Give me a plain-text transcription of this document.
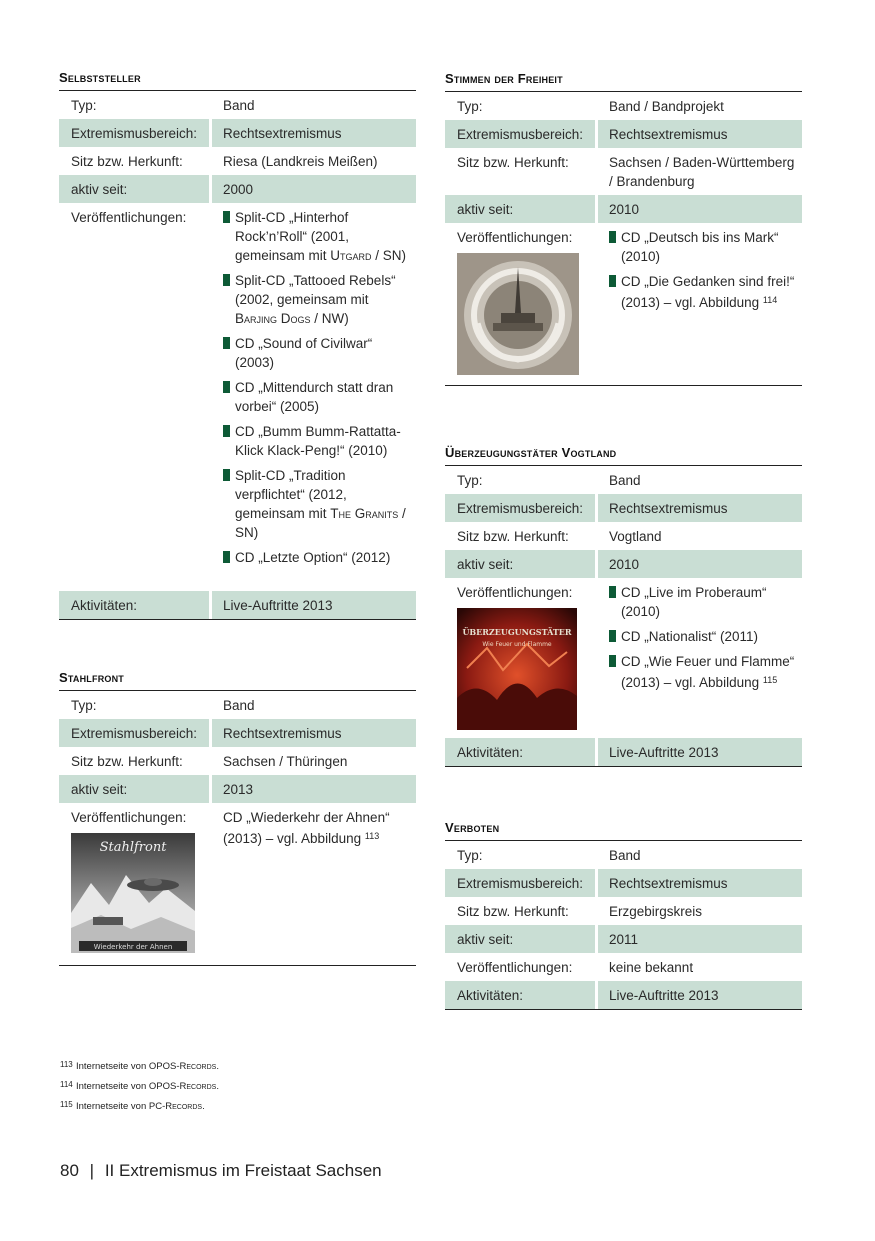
Selbststeller
Typ:	Band
Extremismusbereich:	Rechtsextremismus
Sitz bzw. Herkunft:	Riesa (Landkreis Meißen)
aktiv seit:	2000
Veröffentlichungen:	Split-CD „Hinterhof Rock’n’Roll“ (2001, gemeinsam mit Utgard / SN)
Split-CD „Tattooed Rebels“ (2002, gemeinsam mit Barjing Dogs / NW)
CD „Sound of Civilwar“ (2003)
CD „Mittendurch statt dran vorbei“ (2005)
CD „Bumm Bumm-Rattatta-Klick Klack-Peng!“ (2010)
Split-CD „Tradition verpflichtet“ (2012, gemeinsam mit The Granits / SN)
CD „Letzte Option“ (2012)
Aktivitäten:	Live-Auftritte 2013
Stahlfront
Typ:	Band
Extremismusbereich:	Rechtsextremismus
Sitz bzw. Herkunft:	Sachsen / Thüringen
aktiv seit:	2013
Veröffentlichungen:
Stahlfront
Wiederkehr der Ahnen
CD „Wiederkehr der Ahnen“ (2013) – vgl. Abbildung $^{113}$
Stimmen der Freiheit
Typ:	Band / Bandprojekt
Extremismusbereich:	Rechtsextremismus
Sitz bzw. Herkunft:	Sachsen / Baden-Württemberg / Brandenburg
aktiv seit:	2010
Veröffentlichungen:	CD „Deutsch bis ins Mark“ (2010)
CD „Die Gedanken sind frei!“ (2013) – vgl. Abbildung $^{114}$
Überzeugungstäter Vogtland
Typ:	Band
Extremismusbereich:	Rechtsextremismus
Sitz bzw. Herkunft:	Vogtland
aktiv seit:	2010
Veröffentlichungen:
ÜBERZEUGUNGSTÄTER
Wie Feuer und Flamme
CD „Live im Proberaum“ (2010)
CD „Nationalist“ (2011)
CD „Wie Feuer und Flamme“ (2013) – vgl. Abbildung $^{115}$
Aktivitäten:	Live-Auftritte 2013
Verboten
Typ:	Band
Extremismusbereich:	Rechtsextremismus
Sitz bzw. Herkunft:	Erzgebirgskreis
aktiv seit:	2011
Veröffentlichungen:	keine bekannt
Aktivitäten:	Live-Auftritte 2013
113 Internetseite von OPOS-Records.
114 Internetseite von OPOS-Records.
115 Internetseite von PC-Records.
80 | II Extremismus im Freistaat Sachsen
